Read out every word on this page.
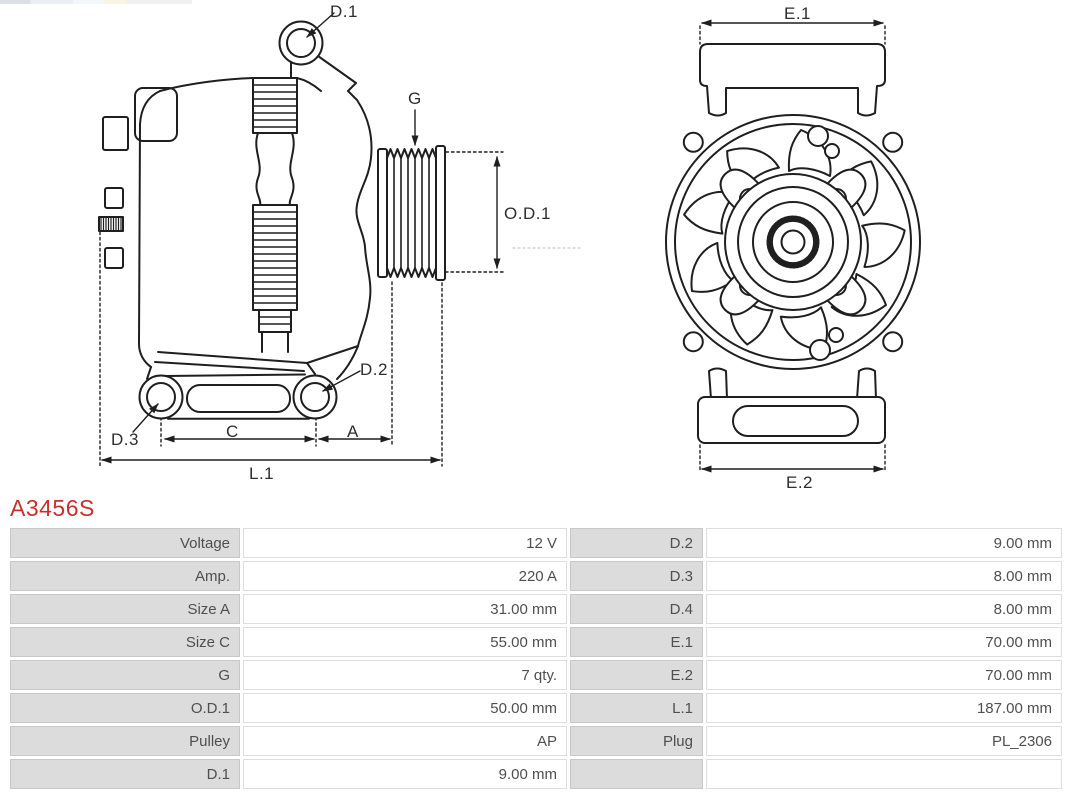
D.1
G
O.D.1
D.2
D.3	C	A
L.1
E.1
E.2
A3456S
Voltage	12 V	D.2	9.00 mm
Amp.	220 A	D.3	8.00 mm
Size A	31.00 mm	D.4	8.00 mm
Size C	55.00 mm	E.1	70.00 mm
G	7 qty.	E.2	70.00 mm
O.D.1	50.00 mm	L.1	187.00 mm
Pulley	AP	Plug	PL_2306
D.1	9.00 mm
